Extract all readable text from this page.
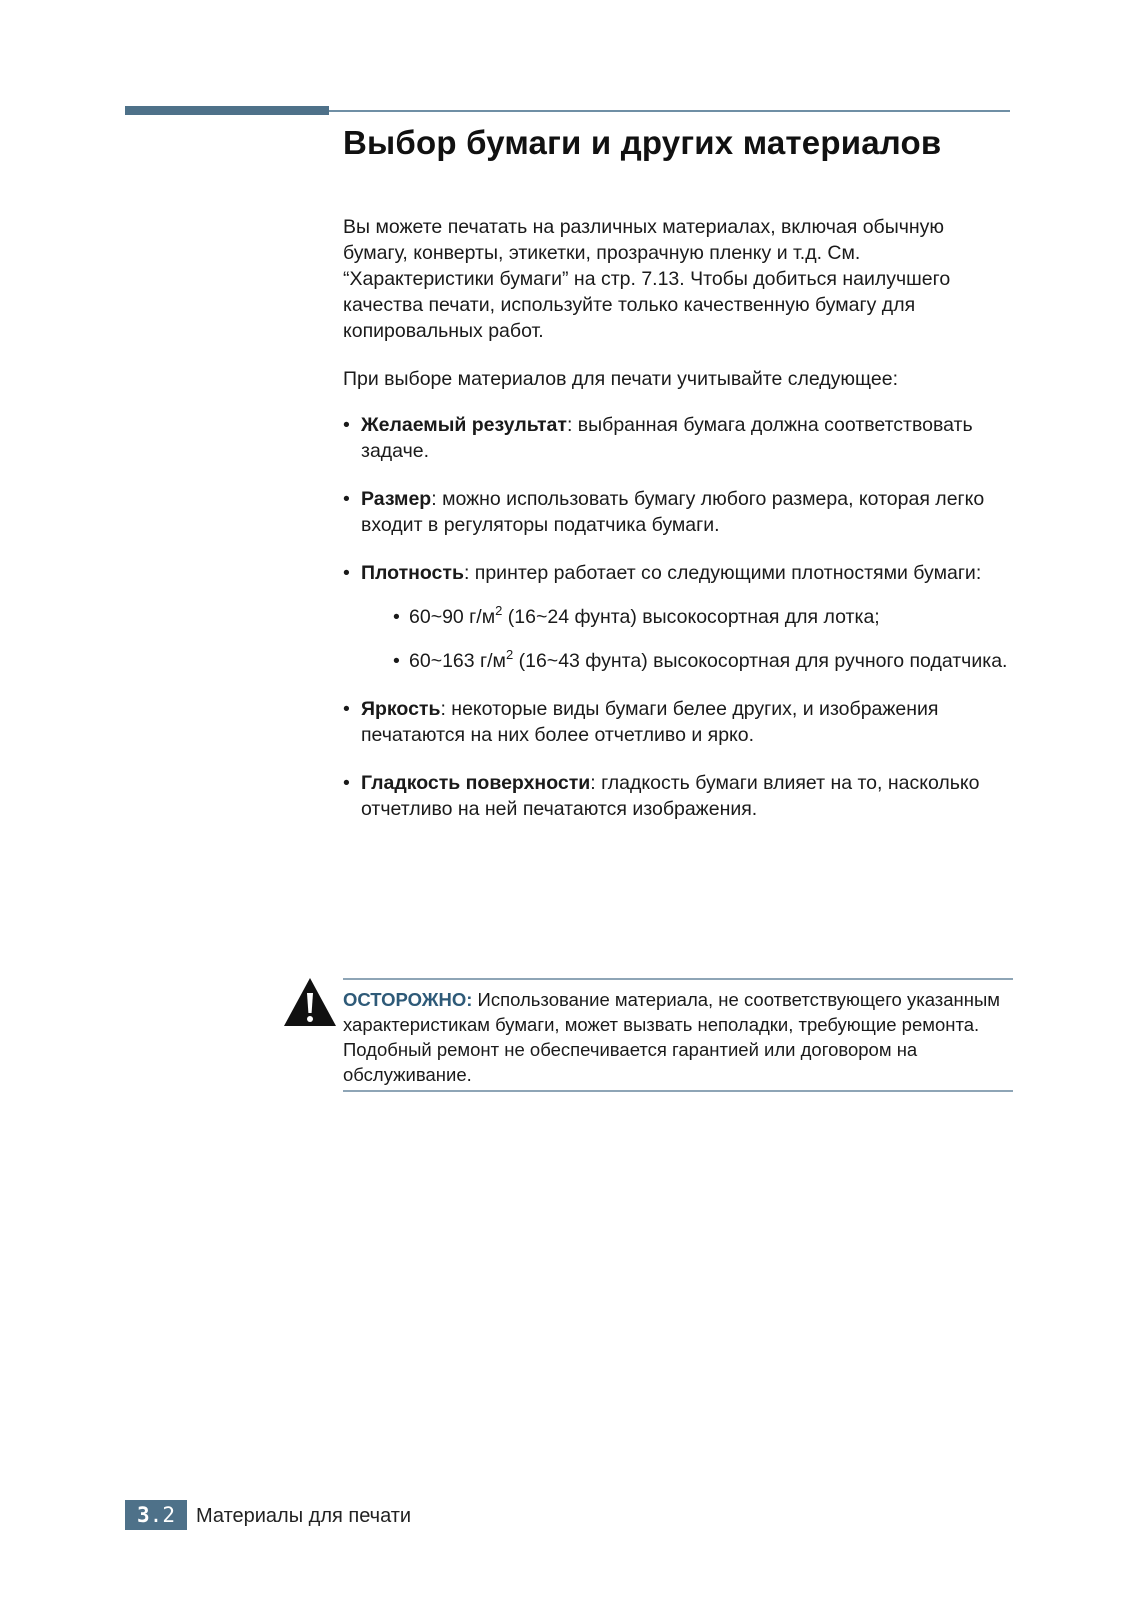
Выбор бумаги и других материалов

Вы можете печатать на различных материалах, включая обычную бумагу, конверты, этикетки, прозрачную пленку и т.д. См. “Характеристики бумаги” на стр. 7.13. Чтобы добиться наилучшего качества печати, используйте только качественную бумагу для копировальных работ.

При выборе материалов для печати учитывайте следующее:

• Желаемый результат: выбранная бумага должна соответствовать задаче.
• Размер: можно использовать бумагу любого размера, которая легко входит в регуляторы податчика бумаги.
• Плотность: принтер работает со следующими плотностями бумаги:
• 60~90 $г/м^2$ (16~24 фунта) высокосортная для лотка;
• 60~163 $г/м^2$ (16~43 фунта) высокосортная для ручного податчика.
• Яркость: некоторые виды бумаги белее других, и изображения печатаются на них более отчетливо и ярко.
• Гладкость поверхности: гладкость бумаги влияет на то, насколько отчетливо на ней печатаются изображения.

ОСТОРОЖНО: Использование материала, не соответствующего указанным характеристикам бумаги, может вызвать неполадки, требующие ремонта. Подобный ремонт не обеспечивается гарантией или договором на обслуживание.

3.2	Материалы для печати
